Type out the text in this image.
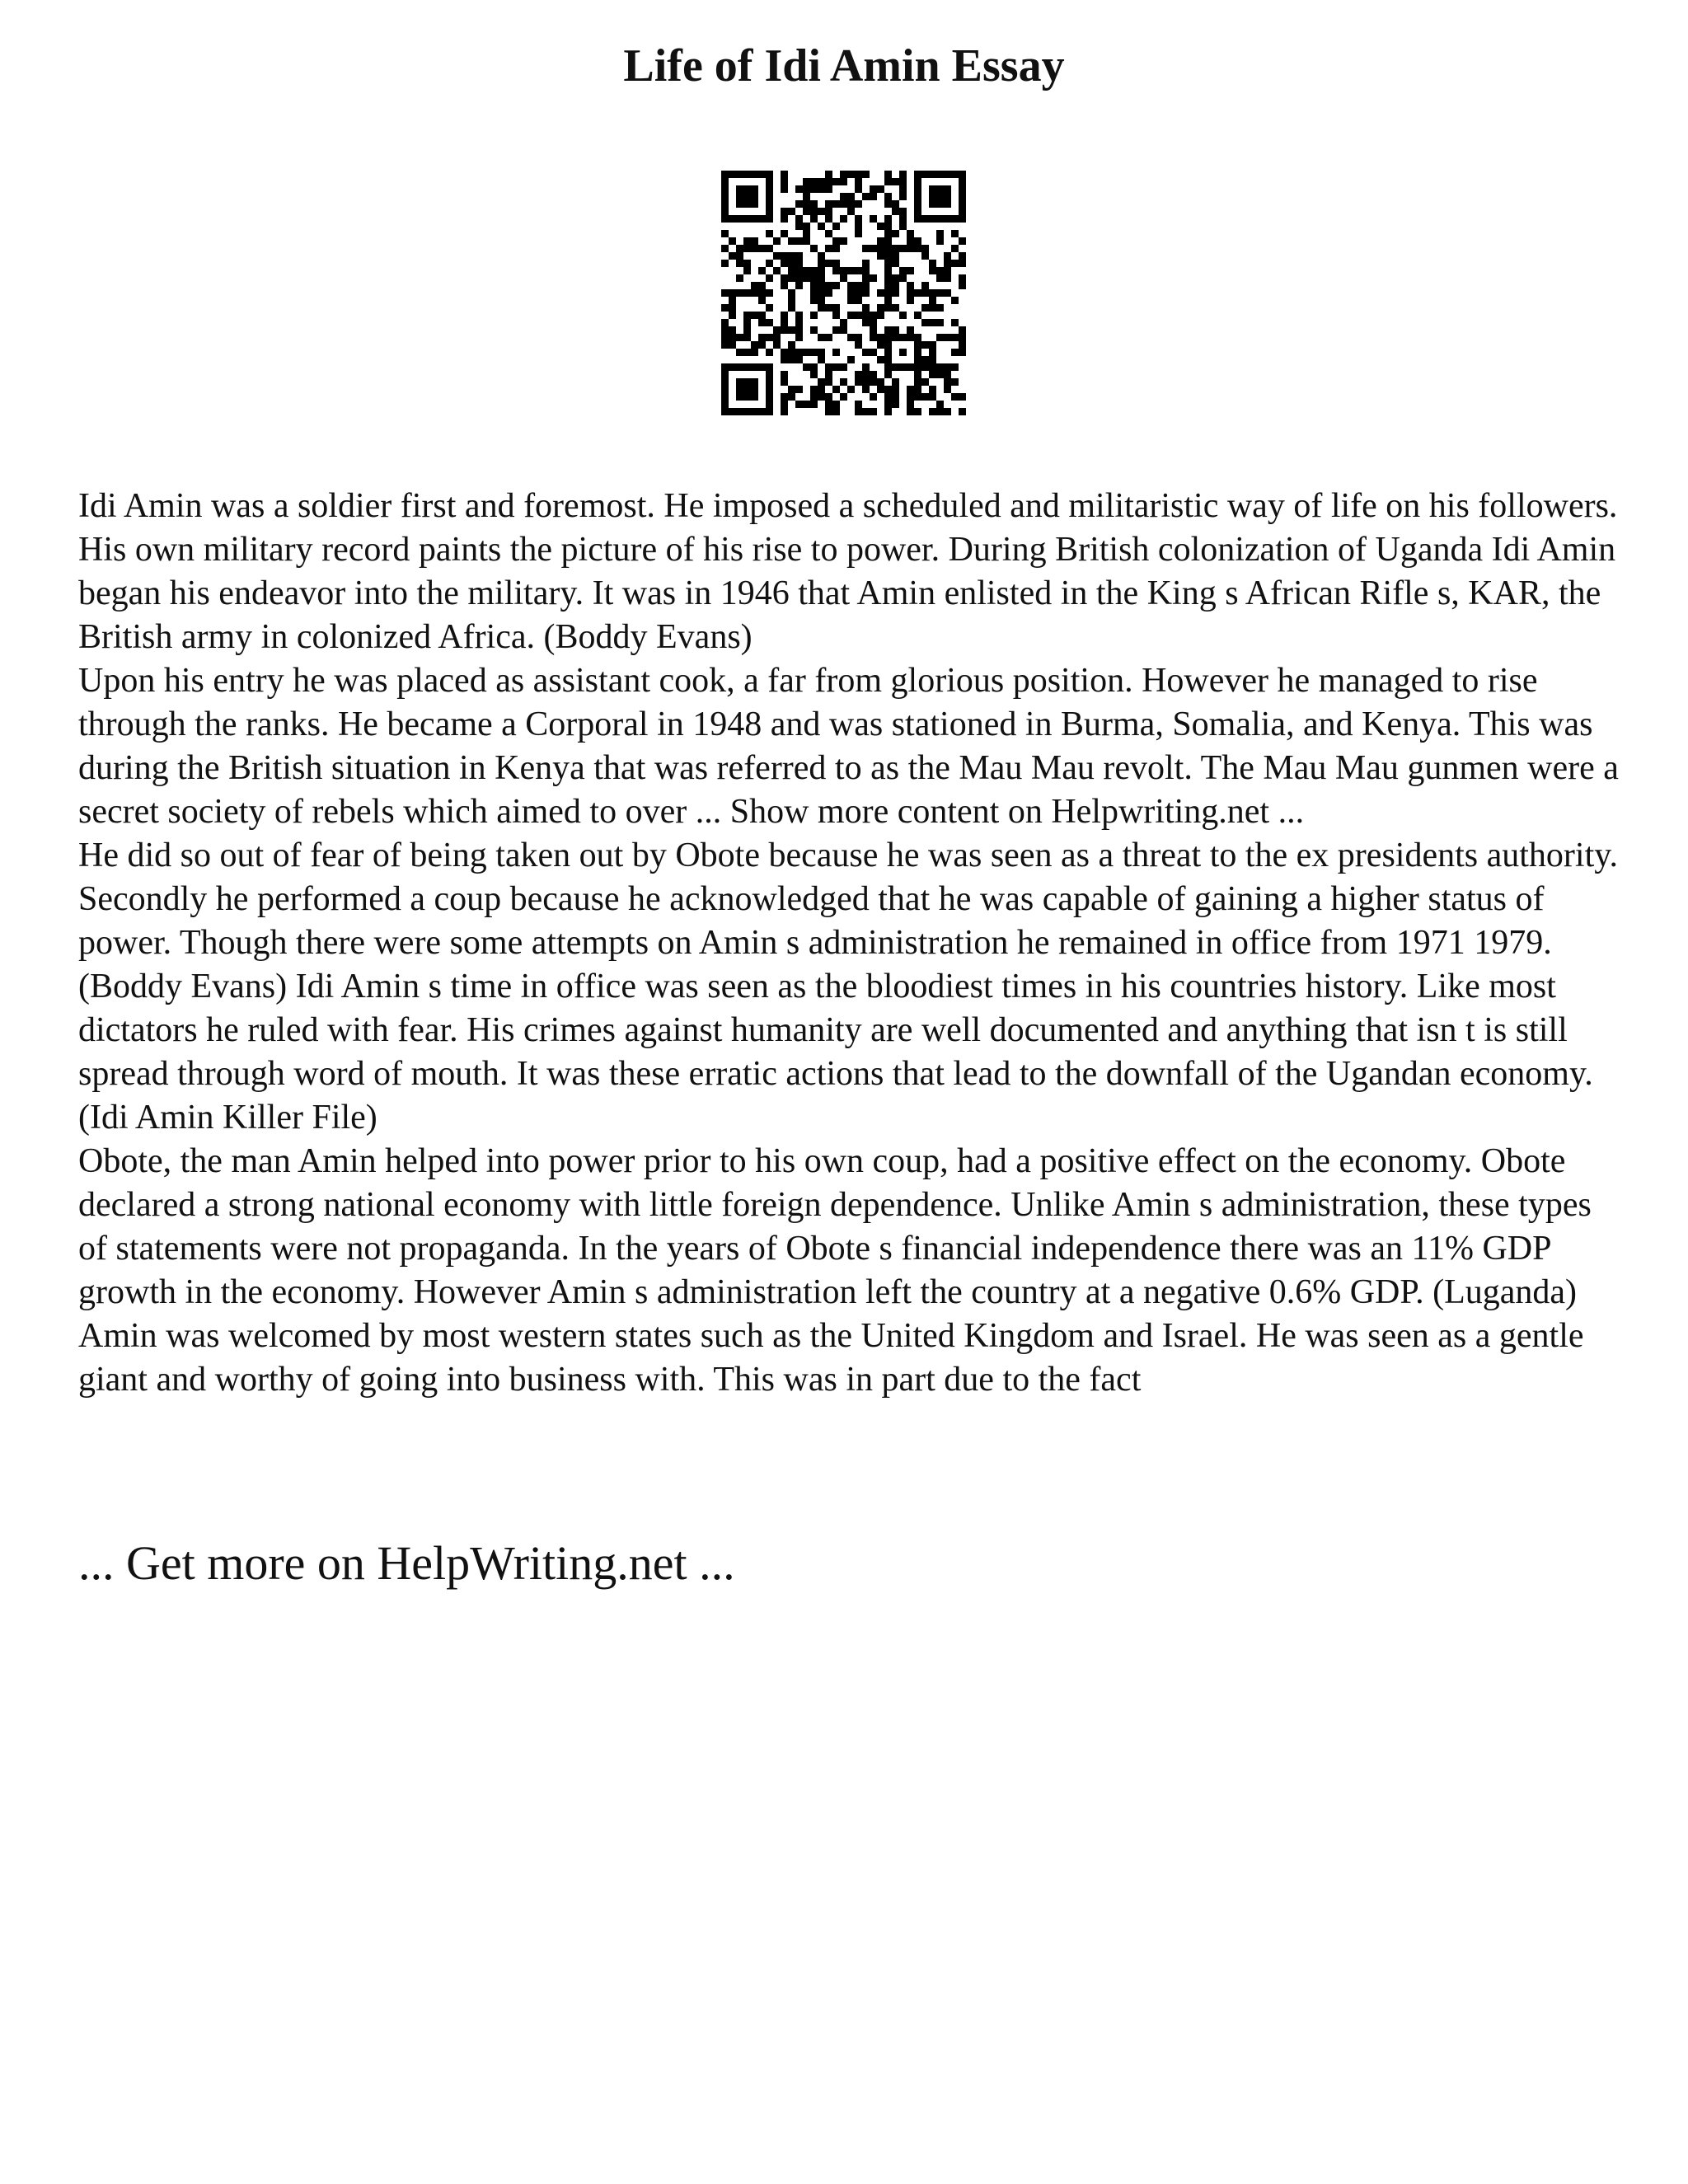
Life of Idi Amin Essay

Idi Amin was a soldier first and foremost. He imposed a scheduled and militaristic way of life on his followers. His own military record paints the picture of his rise to power. During British colonization of Uganda Idi Amin began his endeavor into the military. It was in 1946 that Amin enlisted in the King s African Rifle s, KAR, the British army in colonized Africa. (Boddy Evans)

Upon his entry he was placed as assistant cook, a far from glorious position. However he managed to rise through the ranks. He became a Corporal in 1948 and was stationed in Burma, Somalia, and Kenya. This was during the British situation in Kenya that was referred to as the Mau Mau revolt. The Mau Mau gunmen were a secret society of rebels which aimed to over ... Show more content on Helpwriting.net ...

He did so out of fear of being taken out by Obote because he was seen as a threat to the ex presidents authority. Secondly he performed a coup because he acknowledged that he was capable of gaining a higher status of power. Though there were some attempts on Amin s administration he remained in office from 1971 1979. (Boddy Evans) Idi Amin s time in office was seen as the bloodiest times in his countries history. Like most dictators he ruled with fear. His crimes against humanity are well documented and anything that isn t is still spread through word of mouth. It was these erratic actions that lead to the downfall of the Ugandan economy. (Idi Amin Killer File)

Obote, the man Amin helped into power prior to his own coup, had a positive effect on the economy. Obote declared a strong national economy with little foreign dependence. Unlike Amin s administration, these types of statements were not propaganda. In the years of Obote s financial independence there was an 11% GDP growth in the economy. However Amin s administration left the country at a negative 0.6% GDP. (Luganda)

Amin was welcomed by most western states such as the United Kingdom and Israel. He was seen as a gentle giant and worthy of going into business with. This was in part due to the fact

... Get more on HelpWriting.net ...
